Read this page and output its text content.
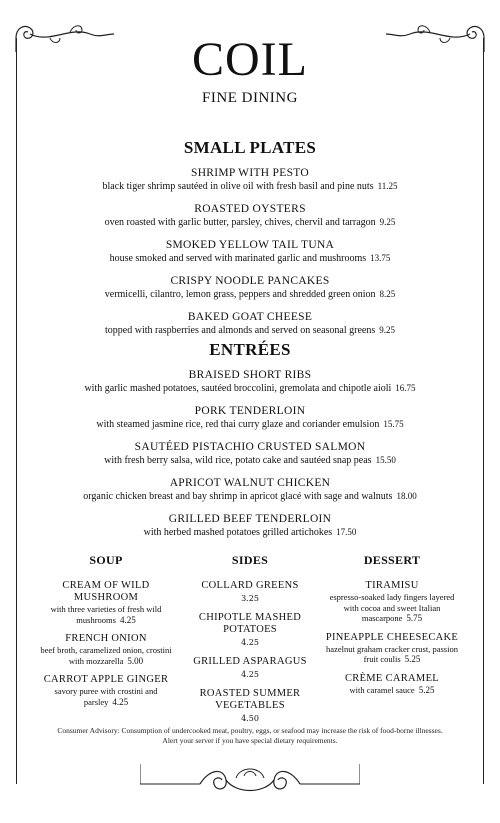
COIL
FINE DINING
SMALL PLATES
SHRIMP WITH PESTO
black tiger shrimp sautéed in olive oil with fresh basil and pine nuts 11.25
ROASTED OYSTERS
oven roasted with garlic butter, parsley, chives, chervil and tarragon 9.25
SMOKED YELLOW TAIL TUNA
house smoked and served with marinated garlic and mushrooms 13.75
CRISPY NOODLE PANCAKES
vermicelli, cilantro, lemon grass, peppers and shredded green onion 8.25
BAKED GOAT CHEESE
topped with raspberries and almonds and served on seasonal greens 9.25
ENTRÉES
BRAISED SHORT RIBS
with garlic mashed potatoes, sautéed broccolini, gremolata and chipotle aioli 16.75
PORK TENDERLOIN
with steamed jasmine rice, red thai curry glaze and coriander emulsion 15.75
SAUTÉED PISTACHIO CRUSTED SALMON
with fresh berry salsa, wild rice, potato cake and sautéed snap peas 15.50
APRICOT WALNUT CHICKEN
organic chicken breast and bay shrimp in apricot glacé with sage and walnuts 18.00
GRILLED BEEF TENDERLOIN
with herbed mashed potatoes grilled artichokes 17.50
SOUP
CREAM OF WILD MUSHROOM
with three varieties of fresh wild mushrooms 4.25
FRENCH ONION
beef broth, caramelized onion, crostini with mozzarella 5.00
CARROT APPLE GINGER
savory puree with crostini and parsley 4.25
SIDES
COLLARD GREENS
3.25
CHIPOTLE MASHED POTATOES
4.25
GRILLED ASPARAGUS
4.25
ROASTED SUMMER VEGETABLES
4.50
DESSERT
TIRAMISU
espresso-soaked lady fingers layered with cocoa and sweet Italian mascarpone 5.75
PINEAPPLE CHEESECAKE
hazelnut graham cracker crust, passion fruit coulis 5.25
CRÈME CARAMEL
with caramel sauce 5.25
Consumer Advisory: Consumption of undercooked meat, poultry, eggs, or seafood may increase the risk of food-borne illnesses.
Alert your server if you have special dietary requirements.
